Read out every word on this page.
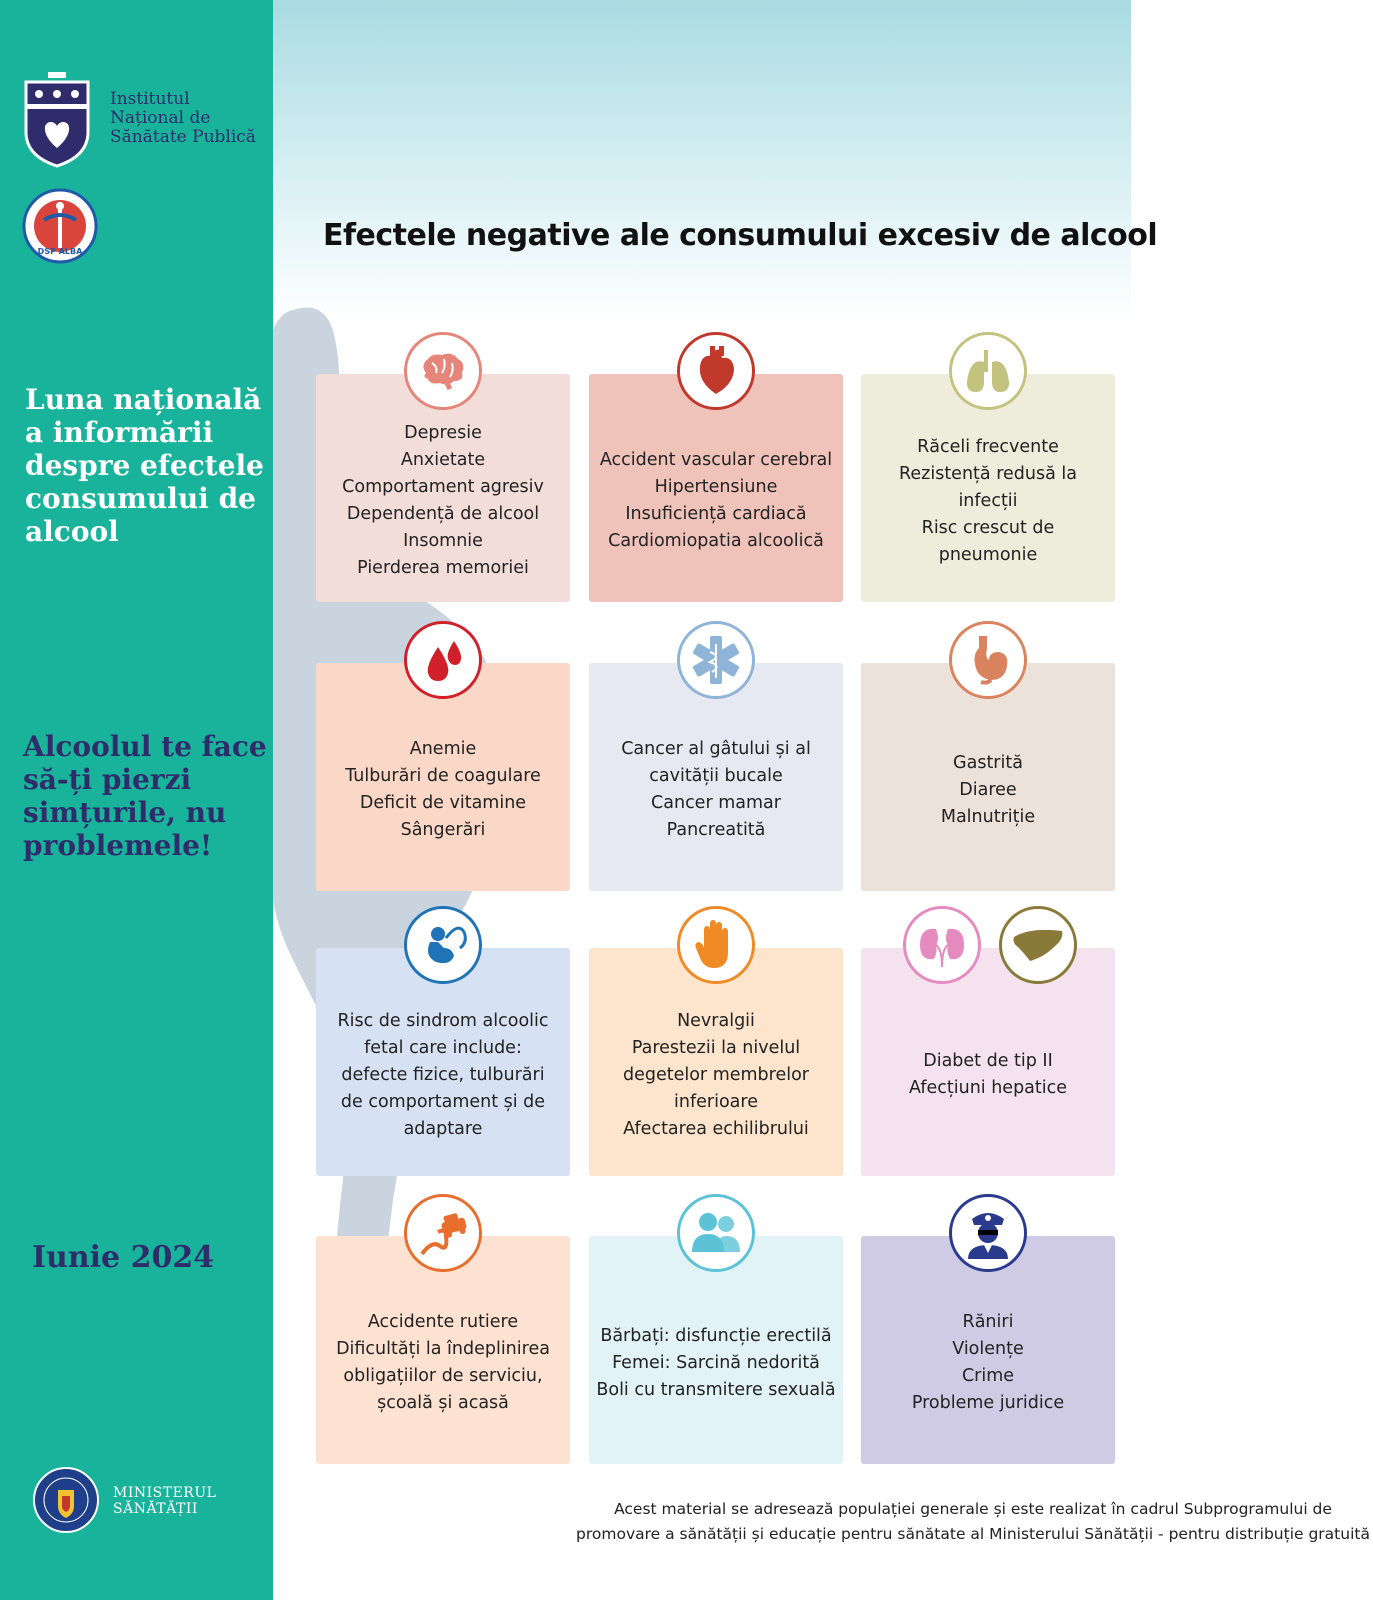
Institutul
Național de
Sănătate Publică
DSP ALBA
Luna națională
a informării
despre efectele
consumului de
alcool
Alcoolul te face
să-ți pierzi
simțurile, nu
problemele!
Iunie 2024
MINISTERUL
SĂNĂTĂȚII
Efectele negative ale consumului excesiv de alcool
Depresie
Anxietate
Comportament agresiv
Dependență de alcool
Insomnie
Pierderea memoriei
Accident vascular cerebral
Hipertensiune
Insuficiență cardiacă
Cardiomiopatia alcoolică
Răceli frecvente
Rezistență redusă la
infecții
Risc crescut de
pneumonie
Anemie
Tulburări de coagulare
Deficit de vitamine
Sângerări
Cancer al gâtului și al
cavității bucale
Cancer mamar
Pancreatită
Gastrită
Diaree
Malnutriție
Risc de sindrom alcoolic
fetal care include:
defecte fizice, tulburări
de comportament și de
adaptare
Nevralgii
Parestezii la nivelul
degetelor membrelor
inferioare
Afectarea echilibrului
Diabet de tip II
Afecțiuni hepatice
Accidente rutiere
Dificultăți la îndeplinirea
obligațiilor de serviciu,
școală și acasă
Bărbați: disfuncție erectilă
Femei: Sarcină nedorită
Boli cu transmitere sexuală
Răniri
Violențe
Crime
Probleme juridice
Acest material se adresează populației generale și este realizat în cadrul Subprogramului de
promovare a sănătății și educație pentru sănătate al Ministerului Sănătății - pentru distribuție gratuită
